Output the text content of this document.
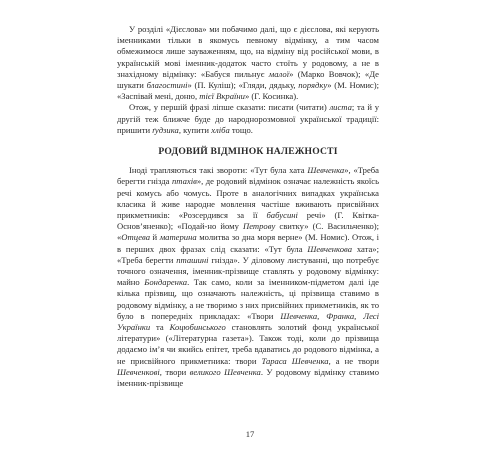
У розділі «Дієслова» ми побачимо далі, що є дієслова, які керують іменниками тільки в якомусь певному відмінку, а тим часом обмежимося лише зауваженням, що, на відміну від російської мови, в українській мові іменник-додаток часто стоїть у родовому, а не в знахідному відмінку: «Бабуся пильнує малої» (Марко Вовчок); «Де шукати благостині» (П. Куліш); «Гляди, дядьку, порядку» (М. Номис); «Заспівай мені, доню, тієї Вкраїни» (Г. Косинка).

Отож, у першій фразі ліпше сказати: писати (читати) листа; та й у другій теж ближче буде до народнорозмовної української традиції: пришити ґудзика, купити хліба тощо.

РОДОВИЙ ВІДМІНОК НАЛЕЖНОСТІ

Іноді трапляються такі звороти: «Тут була хата Шевченка», «Треба берегти гнізда птахів», де родовий відмінок означає належність якоїсь речі комусь або чомусь. Проте в аналогічних випадках українська класика й живе народне мовлення частіше вживають присвійних прикметників: «Розсердився за її бабусині речі» (Г. Квітка-Основ’яненко); «Подай-но йому Петрову свитку» (С. Васильченко); «Отцева й материна молитва зо дна моря верне» (М. Номис). Отож, і в перших двох фразах слід сказати: «Тут була Шевченкова хата»; «Треба берегти пташині гнізда». У діловому листуванні, що потребує точного означення, іменник-прізвище ставлять у родовому відмінку: майно Бондаренка. Так само, коли за іменником-підметом далі іде кілька прізвищ, що означають належність, ці прізвища ставимо в родовому відмінку, а не творимо з них присвійних прикметників, як то було в попередніх прикладах: «Твори Шевченка, Франка, Лесі Українки та Коцюбинського становлять золотий фонд української літератури» («Літературна газета»). Також тоді, коли до прізвища додаємо ім’я чи якийсь епітет, треба вдаватись до родового відмінка, а не присвійного прикметника: твори Тараса Шевченка, а не твори Шевченкові, твори великого Шевченка. У родовому відмінку ставимо іменник-прізвище

17
